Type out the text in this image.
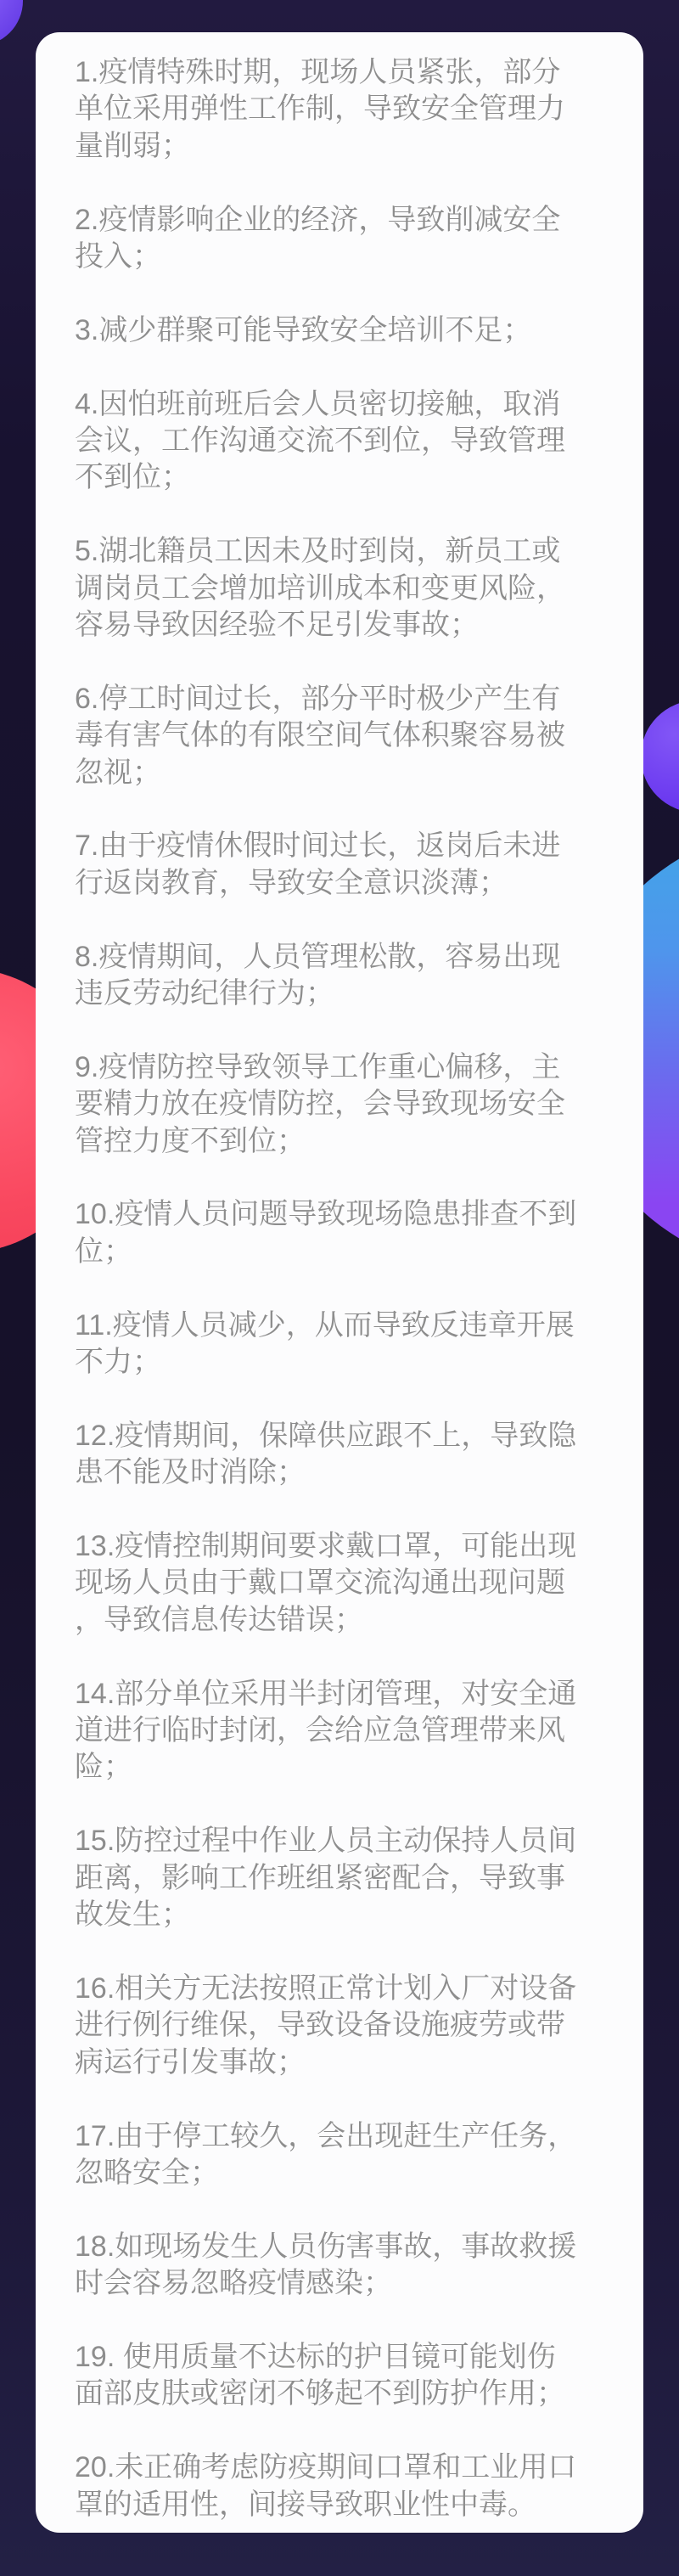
1.疫情特殊时期，现场人员紧张，部分单位采用弹性工作制，导致安全管理力量削弱；

2.疫情影响企业的经济，导致削减安全投入；

3.减少群聚可能导致安全培训不足；

4.因怕班前班后会人员密切接触，取消会议，工作沟通交流不到位，导致管理不到位；

5.湖北籍员工因未及时到岗，新员工或调岗员工会增加培训成本和变更风险，容易导致因经验不足引发事故；

6.停工时间过长，部分平时极少产生有毒有害气体的有限空间气体积聚容易被忽视；

7.由于疫情休假时间过长，返岗后未进行返岗教育，导致安全意识淡薄；

8.疫情期间，人员管理松散，容易出现违反劳动纪律行为；

9.疫情防控导致领导工作重心偏移，主要精力放在疫情防控，会导致现场安全管控力度不到位；

10.疫情人员问题导致现场隐患排查不到位；

11.疫情人员减少，从而导致反违章开展不力；

12.疫情期间，保障供应跟不上，导致隐患不能及时消除；

13.疫情控制期间要求戴口罩，可能出现现场人员由于戴口罩交流沟通出现问题，导致信息传达错误；

14.部分单位采用半封闭管理，对安全通道进行临时封闭，会给应急管理带来风险；

15.防控过程中作业人员主动保持人员间距离，影响工作班组紧密配合，导致事故发生；

16.相关方无法按照正常计划入厂对设备进行例行维保，导致设备设施疲劳或带病运行引发事故；

17.由于停工较久，会出现赶生产任务，忽略安全；

18.如现场发生人员伤害事故，事故救援时会容易忽略疫情感染；

19. 使用质量不达标的护目镜可能划伤面部皮肤或密闭不够起不到防护作用；

20.未正确考虑防疫期间口罩和工业用口罩的适用性，间接导致职业性中毒。
